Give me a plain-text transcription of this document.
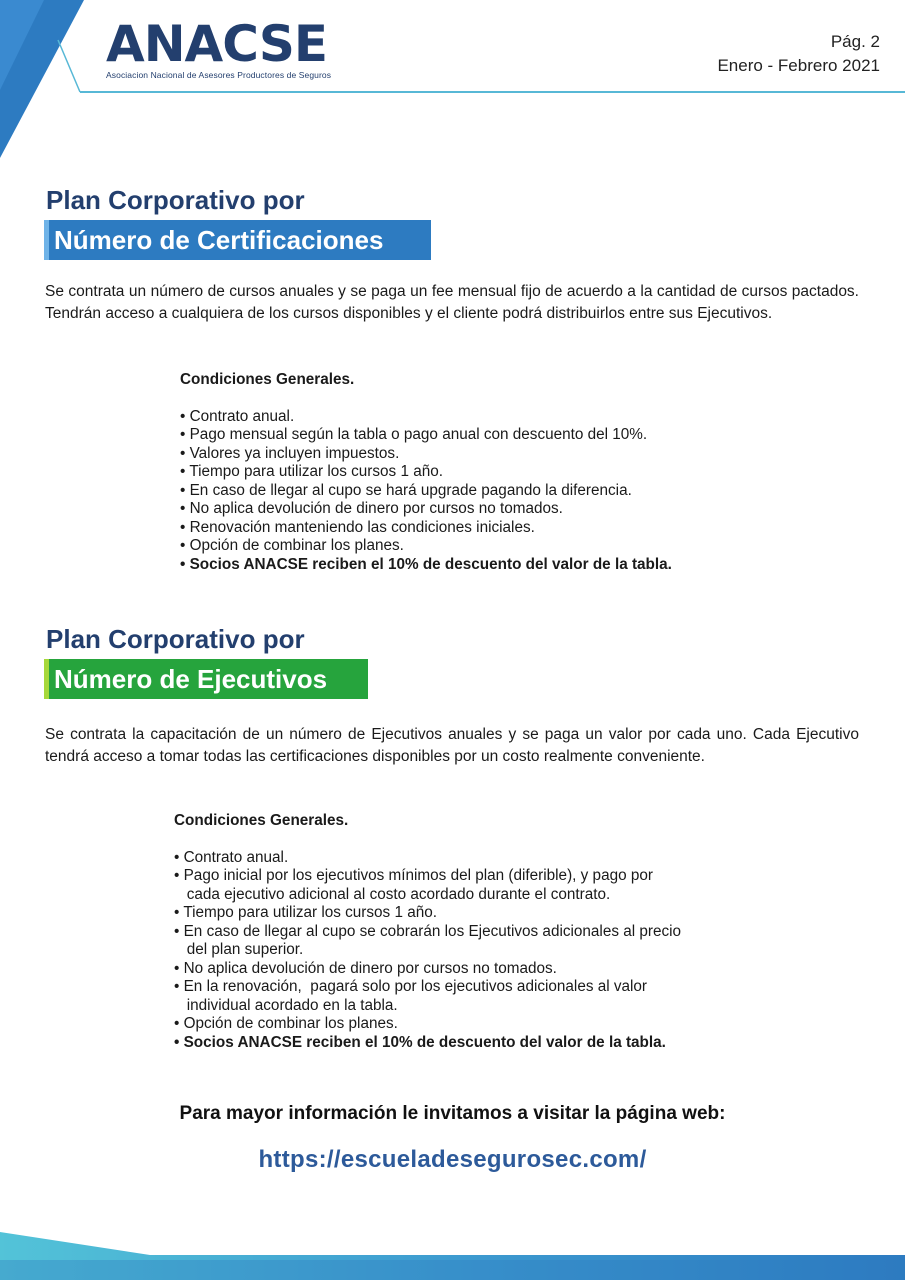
ANACSE
Asociacion Nacional de Asesores Productores de Seguros
Pág. 2
Enero - Febrero 2021
Plan Corporativo por
Número de Certificaciones
Se contrata un número de cursos anuales y se paga un fee mensual fijo de acuerdo a la cantidad de cursos pactados. Tendrán acceso a cualquiera de los cursos disponibles y el cliente podrá distribuirlos entre sus Ejecutivos.
Condiciones Generales.
• Contrato anual.
• Pago mensual según la tabla o pago anual con descuento del 10%.
• Valores ya incluyen impuestos.
• Tiempo para utilizar los cursos 1 año.
• En caso de llegar al cupo se hará upgrade pagando la diferencia.
• No aplica devolución de dinero por cursos no tomados.
• Renovación manteniendo las condiciones iniciales.
• Opción de combinar los planes.
• Socios ANACSE reciben el 10% de descuento del valor de la tabla.
Plan Corporativo por
Número de Ejecutivos
Se contrata la capacitación de un número de Ejecutivos anuales y se paga un valor por cada uno. Cada Ejecutivo tendrá acceso a tomar todas las certificaciones disponibles por un costo realmente conveniente.
Condiciones Generales.
• Contrato anual.
• Pago inicial por los ejecutivos mínimos del plan (diferible), y pago por
cada ejecutivo adicional al costo acordado durante el contrato.
• Tiempo para utilizar los cursos 1 año.
• En caso de llegar al cupo se cobrarán los Ejecutivos adicionales al precio
del plan superior.
• No aplica devolución de dinero por cursos no tomados.
• En la renovación,  pagará solo por los ejecutivos adicionales al valor
individual acordado en la tabla.
• Opción de combinar los planes.
• Socios ANACSE reciben el 10% de descuento del valor de la tabla.
Para mayor información le invitamos a visitar la página web:
https://escueladesegurosec.com/
